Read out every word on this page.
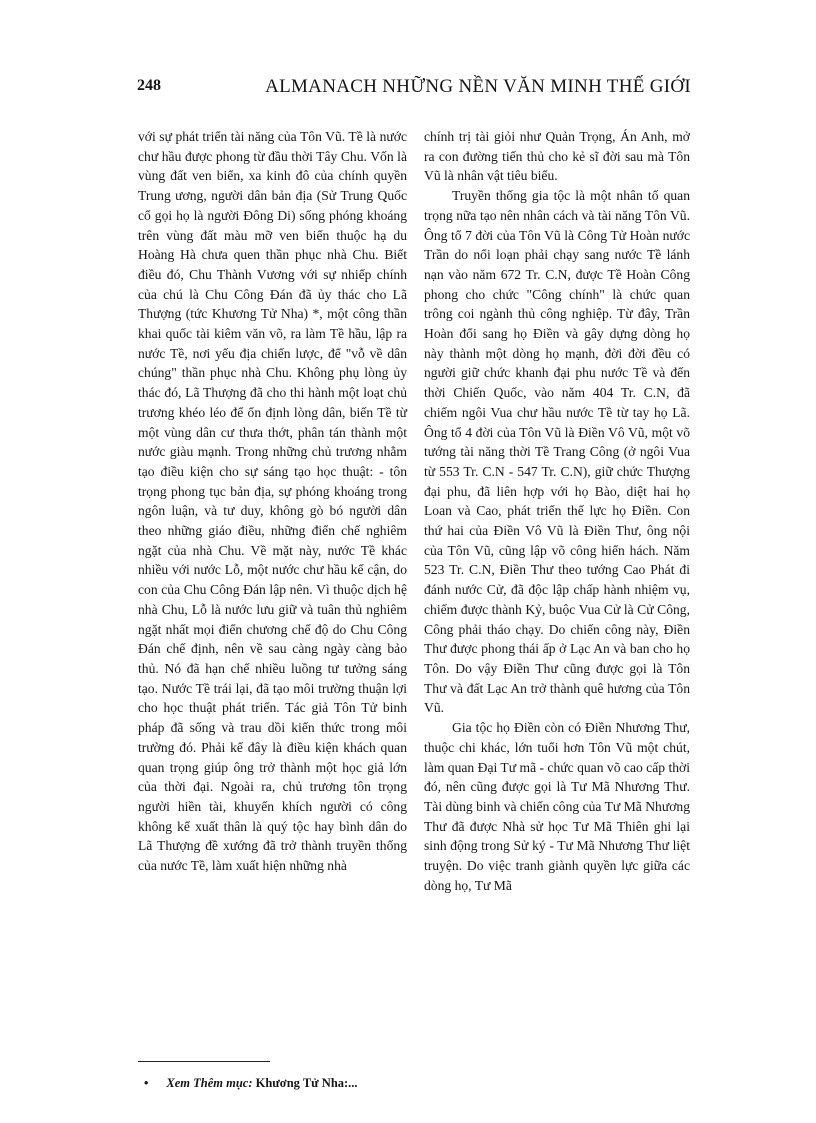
248	ALMANACH NHỮNG NỀN VĂN MINH THẾ GIỚI

với sự phát triển tài năng của Tôn Vũ. Tề là nước chư hầu được phong từ đầu thời Tây Chu. Vốn là vùng đất ven biển, xa kinh đô của chính quyền Trung ương, người dân bản địa (Sử Trung Quốc cổ gọi họ là người Đông Di) sống phóng khoáng trên vùng đất màu mỡ ven biển thuộc hạ du Hoàng Hà chưa quen thần phục nhà Chu. Biết điều đó, Chu Thành Vương với sự nhiếp chính của chú là Chu Công Đán đã ủy thác cho Lã Thượng (tức Khương Tử Nha) *, một công thần khai quốc tài kiêm văn võ, ra làm Tề hầu, lập ra nước Tề, nơi yếu địa chiến lược, để "vỗ về dân chúng" thần phục nhà Chu. Không phụ lòng ủy thác đó, Lã Thượng đã cho thi hành một loạt chủ trương khéo léo để ổn định lòng dân, biến Tề từ một vùng dân cư thưa thớt, phân tán thành một nước giàu mạnh. Trong những chủ trương nhằm tạo điều kiện cho sự sáng tạo học thuật: - tôn trọng phong tục bản địa, sự phóng khoáng trong ngôn luận, và tư duy, không gò bó người dân theo những giáo điều, những điển chế nghiêm ngặt của nhà Chu. Về mặt này, nước Tề khác nhiều với nước Lỗ, một nước chư hầu kế cận, do con của Chu Công Đán lập nên. Vì thuộc dịch hệ nhà Chu, Lỗ là nước lưu giữ và tuân thủ nghiêm ngặt nhất mọi điển chương chế độ do Chu Công Đán chế định, nên về sau càng ngày càng bảo thủ. Nó đã hạn chế nhiều luồng tư tưởng sáng tạo. Nước Tề trái lại, đã tạo môi trường thuận lợi cho học thuật phát triển. Tác giả Tôn Tử binh pháp đã sống và trau dồi kiến thức trong môi trường đó. Phải kể đây là điều kiện khách quan quan trọng giúp ông trở thành một học giả lớn của thời đại. Ngoài ra, chủ trương tôn trọng người hiền tài, khuyến khích người có công không kể xuất thân là quý tộc hay bình dân do Lã Thượng đề xướng đã trở thành truyền thống của nước Tề, làm xuất hiện những nhà

chính trị tài giỏi như Quản Trọng, Án Anh, mở ra con đường tiến thủ cho kẻ sĩ đời sau mà Tôn Vũ là nhân vật tiêu biểu.

Truyền thống gia tộc là một nhân tố quan trọng nữa tạo nên nhân cách và tài năng Tôn Vũ. Ông tổ 7 đời của Tôn Vũ là Công Tử Hoàn nước Trần do nổi loạn phải chạy sang nước Tề lánh nạn vào năm 672 Tr. C.N, được Tề Hoàn Công phong cho chức "Công chính" là chức quan trông coi ngành thủ công nghiệp. Từ đây, Trần Hoàn đổi sang họ Điền và gây dựng dòng họ này thành một dòng họ mạnh, đời đời đều có người giữ chức khanh đại phu nước Tề và đến thời Chiến Quốc, vào năm 404 Tr. C.N, đã chiếm ngôi Vua chư hầu nước Tề từ tay họ Lã. Ông tổ 4 đời của Tôn Vũ là Điền Vô Vũ, một võ tướng tài năng thời Tề Trang Công (ở ngôi Vua từ 553 Tr. C.N - 547 Tr. C.N), giữ chức Thượng đại phu, đã liên hợp với họ Bào, diệt hai họ Loan và Cao, phát triển thế lực họ Điền. Con thứ hai của Điền Vô Vũ là Điền Thư, ông nội của Tôn Vũ, cũng lập võ công hiển hách. Năm 523 Tr. C.N, Điền Thư theo tướng Cao Phát đi đánh nước Cử, đã độc lập chấp hành nhiệm vụ, chiếm được thành Kỷ, buộc Vua Cử là Cử Công, Công phải tháo chạy. Do chiến công này, Điền Thư được phong thái ấp ở Lạc An và ban cho họ Tôn. Do vậy Điền Thư cũng được gọi là Tôn Thư và đất Lạc An trở thành quê hương của Tôn Vũ.

Gia tộc họ Điền còn có Điền Nhương Thư, thuộc chi khác, lớn tuổi hơn Tôn Vũ một chút, làm quan Đại Tư mã - chức quan võ cao cấp thời đó, nên cũng được gọi là Tư Mã Nhương Thư. Tài dùng binh và chiến công của Tư Mã Nhương Thư đã được Nhà sử học Tư Mã Thiên ghi lại sinh động trong Sử ký - Tư Mã Nhương Thư liệt truyện. Do việc tranh giành quyền lực giữa các dòng họ, Tư Mã

• Xem Thêm mục: Khương Tử Nha:...
